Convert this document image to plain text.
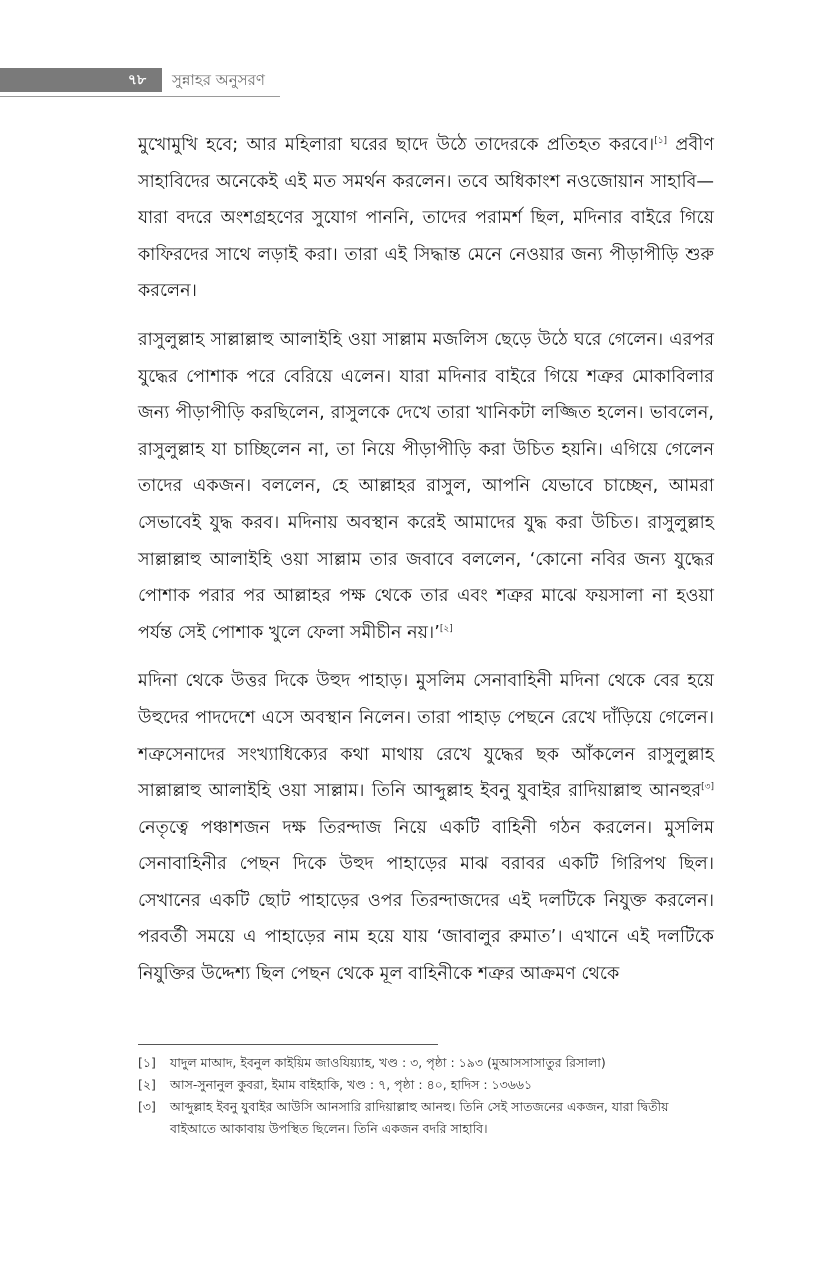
৭৮	সুন্নাহর অনুসরণ

মুখোমুখি হবে; আর মহিলারা ঘরের ছাদে উঠে তাদেরকে প্রতিহত করবে।[১] প্রবীণ সাহাবিদের অনেকেই এই মত সমর্থন করলেন। তবে অধিকাংশ নওজোয়ান সাহাবি—যারা বদরে অংশগ্রহণের সুযোগ পাননি, তাদের পরামর্শ ছিল, মদিনার বাইরে গিয়ে কাফিরদের সাথে লড়াই করা। তারা এই সিদ্ধান্ত মেনে নেওয়ার জন্য পীড়াপীড়ি শুরু করলেন।

রাসুলুল্লাহ সাল্লাল্লাহু আলাইহি ওয়া সাল্লাম মজলিস ছেড়ে উঠে ঘরে গেলেন। এরপর যুদ্ধের পোশাক পরে বেরিয়ে এলেন। যারা মদিনার বাইরে গিয়ে শত্রুর মোকাবিলার জন্য পীড়াপীড়ি করছিলেন, রাসুলকে দেখে তারা খানিকটা লজ্জিত হলেন। ভাবলেন, রাসুলুল্লাহ যা চাচ্ছিলেন না, তা নিয়ে পীড়াপীড়ি করা উচিত হয়নি। এগিয়ে গেলেন তাদের একজন। বললেন, হে আল্লাহর রাসুল, আপনি যেভাবে চাচ্ছেন, আমরা সেভাবেই যুদ্ধ করব। মদিনায় অবস্থান করেই আমাদের যুদ্ধ করা উচিত। রাসুলুল্লাহ সাল্লাল্লাহু আলাইহি ওয়া সাল্লাম তার জবাবে বললেন, ‘কোনো নবির জন্য যুদ্ধের পোশাক পরার পর আল্লাহর পক্ষ থেকে তার এবং শত্রুর মাঝে ফয়সালা না হওয়া পর্যন্ত সেই পোশাক খুলে ফেলা সমীচীন নয়।’[২]

মদিনা থেকে উত্তর দিকে উহুদ পাহাড়। মুসলিম সেনাবাহিনী মদিনা থেকে বের হয়ে উহুদের পাদদেশে এসে অবস্থান নিলেন। তারা পাহাড় পেছনে রেখে দাঁড়িয়ে গেলেন। শত্রুসেনাদের সংখ্যাধিক্যের কথা মাথায় রেখে যুদ্ধের ছক আঁকলেন রাসুলুল্লাহ সাল্লাল্লাহু আলাইহি ওয়া সাল্লাম। তিনি আব্দুল্লাহ ইবনু যুবাইর রাদিয়াল্লাহু আনহুর[৩] নেতৃত্বে পঞ্চাশজন দক্ষ তিরন্দাজ নিয়ে একটি বাহিনী গঠন করলেন। মুসলিম সেনাবাহিনীর পেছন দিকে উহুদ পাহাড়ের মাঝ বরাবর একটি গিরিপথ ছিল। সেখানের একটি ছোট পাহাড়ের ওপর তিরন্দাজদের এই দলটিকে নিযুক্ত করলেন। পরবর্তী সময়ে এ পাহাড়ের নাম হয়ে যায় ‘জাবালুর রুমাত’। এখানে এই দলটিকে নিযুক্তির উদ্দেশ্য ছিল পেছন থেকে মূল বাহিনীকে শত্রুর আক্রমণ থেকে

[১]	যাদুল মাআদ, ইবনুল কাইয়িম জাওযিয়্যাহ, খণ্ড : ৩, পৃষ্ঠা : ১৯৩ (মুআসসাসাতুর রিসালা)
[২]	আস-সুনানুল কুবরা, ইমাম বাইহাকি, খণ্ড : ৭, পৃষ্ঠা : ৪০, হাদিস : ১৩৬৬১
[৩]	আব্দুল্লাহ ইবনু যুবাইর আউসি আনসারি রাদিয়াল্লাহু আনহু। তিনি সেই সাতজনের একজন, যারা দ্বিতীয় বাইআতে আকাবায় উপস্থিত ছিলেন। তিনি একজন বদরি সাহাবি।
